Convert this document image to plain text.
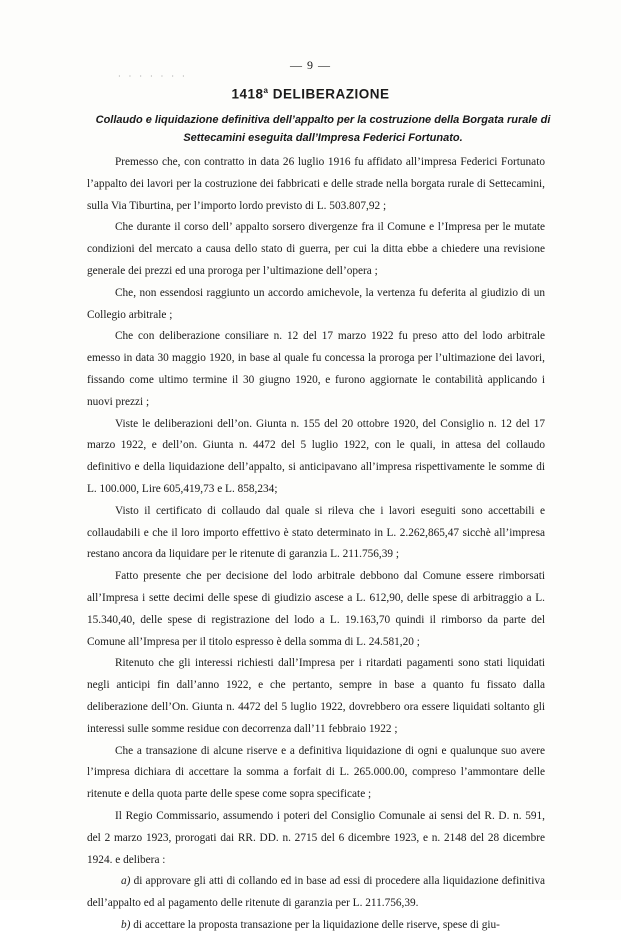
— 9 —
· · · · · · ·
$1418^a$ DELIBERAZIONE
Collaudo e liquidazione definitiva dell’appalto per la costruzione della Borgata rurale di Settecamini eseguita dall’Impresa Federici Fortunato.

Premesso che, con contratto in data 26 luglio 1916 fu affidato all’impresa Federici Fortunato l’appalto dei lavori per la costruzione dei fabbricati e delle strade nella borgata rurale di Settecamini, sulla Via Tiburtina, per l’importo lordo previsto di L. 503.807,92 ;

Che durante il corso dell’ appalto sorsero divergenze fra il Comune e l’Impresa per le mutate condizioni del mercato a causa dello stato di guerra, per cui la ditta ebbe a chiedere una revisione generale dei prezzi ed una proroga per l’ultimazione dell’opera ;

Che, non essendosi raggiunto un accordo amichevole, la vertenza fu deferita al giudizio di un Collegio arbitrale ;

Che con deliberazione consiliare n. 12 del 17 marzo 1922 fu preso atto del lodo arbitrale emesso in data 30 maggio 1920, in base al quale fu concessa la proroga per l’ultimazione dei lavori, fissando come ultimo termine il 30 giugno 1920, e furono aggiornate le contabilità applicando i nuovi prezzi ;

Viste le deliberazioni dell’on. Giunta n. 155 del 20 ottobre 1920, del Consiglio n. 12 del 17 marzo 1922, e dell’on. Giunta n. 4472 del 5 luglio 1922, con le quali, in attesa del collaudo definitivo e della liquidazione dell’appalto, si anticipavano all’impresa rispettivamente le somme di L. 100.000, Lire 605,419,73 e L. 858,234;

Visto il certificato di collaudo dal quale si rileva che i lavori eseguiti sono accettabili e collaudabili e che il loro importo effettivo è stato determinato in L. 2.262,865,47 sicchè all’impresa restano ancora da liquidare per le ritenute di garanzia L. 211.756,39 ;

Fatto presente che per decisione del lodo arbitrale debbono dal Comune essere rimborsati all’Impresa i sette decimi delle spese di giudizio ascese a L. 612,90, delle spese di arbitraggio a L. 15.340,40, delle spese di registrazione del lodo a L. 19.163,70 quindi il rimborso da parte del Comune all’Impresa per il titolo espresso è della somma di L. 24.581,20 ;

Ritenuto che gli interessi richiesti dall’Impresa per i ritardati pagamenti sono stati liquidati negli anticipi fin dall’anno 1922, e che pertanto, sempre in base a quanto fu fissato dalla deliberazione dell’On. Giunta n. 4472 del 5 luglio 1922, dovrebbero ora essere liquidati soltanto gli interessi sulle somme residue con decorrenza dall’11 febbraio 1922 ;

Che a transazione di alcune riserve e a definitiva liquidazione di ogni e qualunque suo avere l’impresa dichiara di accettare la somma a forfait di L. 265.000.00, compreso l’ammontare delle ritenute e della quota parte delle spese come sopra specificate ;

Il Regio Commissario, assumendo i poteri del Consiglio Comunale ai sensi del R. D. n. 591, del 2 marzo 1923, prorogati dai RR. DD. n. 2715 del 6 dicembre 1923, e n. 2148 del 28 dicembre 1924. e delibera :

a) di approvare gli atti di collando ed in base ad essi di procedere alla liquidazione definitiva dell’appalto ed al pagamento delle ritenute di garanzia per L. 211.756,39.

b) di accettare la proposta transazione per la liquidazione delle riserve, spese di giu-
